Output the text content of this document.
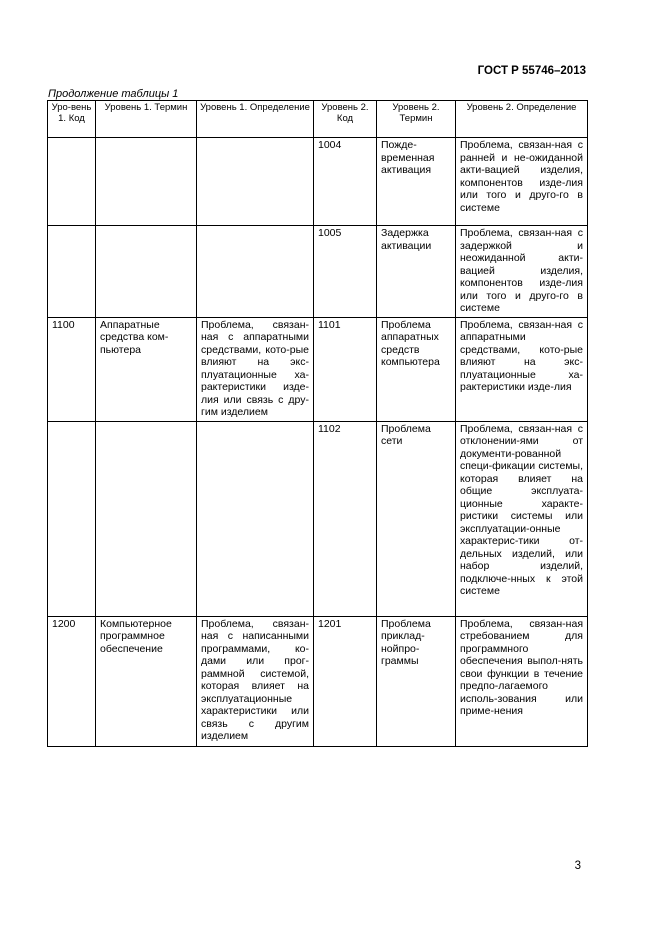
ГОСТ Р 55746–2013
Продолжение таблицы 1
Уро-вень 1. Код	Уровень 1. Термин	Уровень 1. Определение	Уровень 2. Код	Уровень 2. Термин	Уровень 2. Определение
			1004	Пожде-временная активация	Проблема, связан-ная с ранней и не-ожиданной акти-вацией изделия, компонентов изде-лия или того и друго-го в системе
			1005	Задержка активации	Проблема, связан-ная с задержкой и неожиданной акти-вацией изделия, компонентов изде-лия или того и друго-го в системе
1100	Аппаратные средства ком-пьютера	Проблема, связан-ная с аппаратными средствами, кото-рые влияют на экс-плуатационные ха-рактеристики изде-лия или связь с дру-гим изделием	1101	Проблема аппаратных средств компьютера	Проблема, связан-ная с аппаратными средствами, кото-рые влияют на экс-плуатационные ха-рактеристики изде-лия
			1102	Проблема сети	Проблема, связан-ная с отклонении-ями от документи-рованной специ-фикации системы, которая влияет на общие эксплуата-ционные характе-ристики системы или эксплуатации-онные характерис-тики от-дельных изделий, или набор изделий, подключе-нных к этой системе
1200	Компьютерное программное обеспечение	Проблема, связан-ная с написанными программами, ко-дами или прог-раммной системой, которая влияет на эксплуатационные характеристики или связь с другим изделием	1201	Проблема приклад-нойпро-граммы	Проблема, связан-ная стребованием для программного обеспечения выпол-нять свои функции в течение предпо-лагаемого исполь-зования или приме-нения
3
